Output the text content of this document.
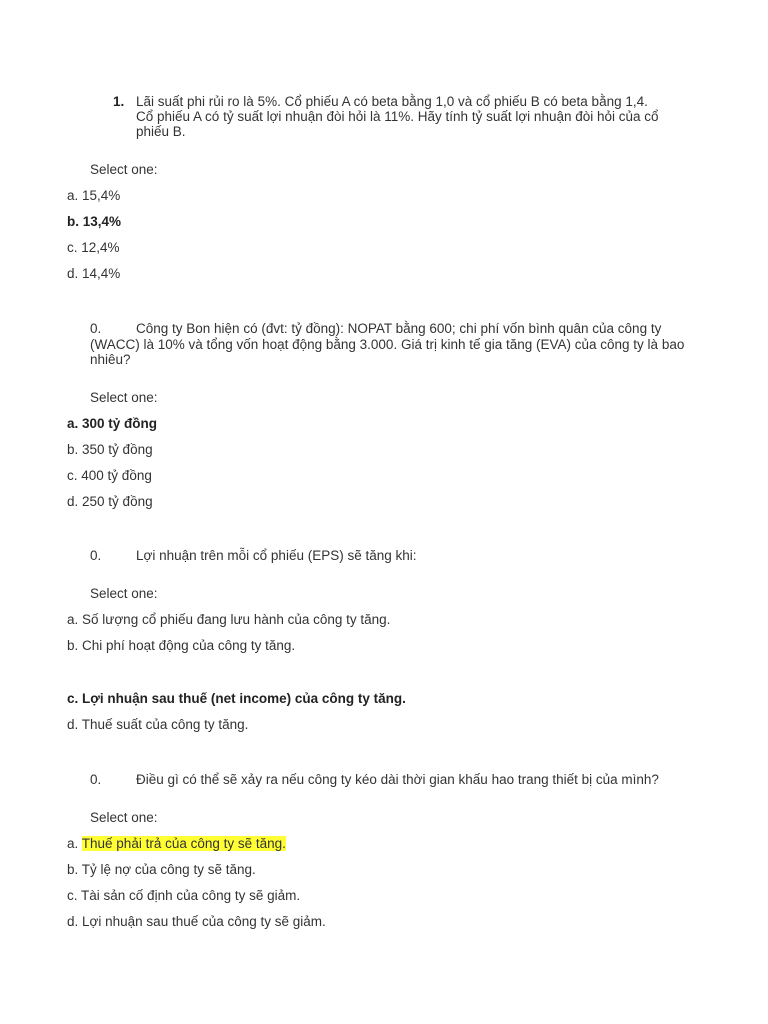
1. Lãi suất phi rủi ro là 5%. Cổ phiếu A có beta bằng 1,0 và cổ phiếu B có beta bằng 1,4. Cổ phiếu A có tỷ suất lợi nhuận đòi hỏi là 11%. Hãy tính tỷ suất lợi nhuận đòi hỏi của cổ phiếu B.

Select one:
a. 15,4%
b. 13,4%
c. 12,4%
d. 14,4%
0.	Công ty Bon hiện có (đvt: tỷ đồng): NOPAT bằng 600; chi phí vốn bình quân của công ty (WACC) là 10% và tổng vốn hoạt động bằng 3.000. Giá trị kinh tế gia tăng (EVA) của công ty là bao nhiêu?

Select one:
a. 300 tỷ đồng
b. 350 tỷ đồng
c. 400 tỷ đồng
d. 250 tỷ đồng
0.	Lợi nhuận trên mỗi cổ phiếu (EPS) sẽ tăng khi:
Select one:
a. Số lượng cổ phiếu đang lưu hành của công ty tăng.
b. Chi phí hoạt động của công ty tăng.
c. Lợi nhuận sau thuế (net income) của công ty tăng.
d. Thuế suất của công ty tăng.
0.	Điều gì có thể sẽ xảy ra nếu công ty kéo dài thời gian khấu hao trang thiết bị của mình?
Select one:
a. Thuế phải trả của công ty sẽ tăng.
b. Tỷ lệ nợ của công ty sẽ tăng.
c. Tài sản cố định của công ty sẽ giảm.
d. Lợi nhuận sau thuế của công ty sẽ giảm.
